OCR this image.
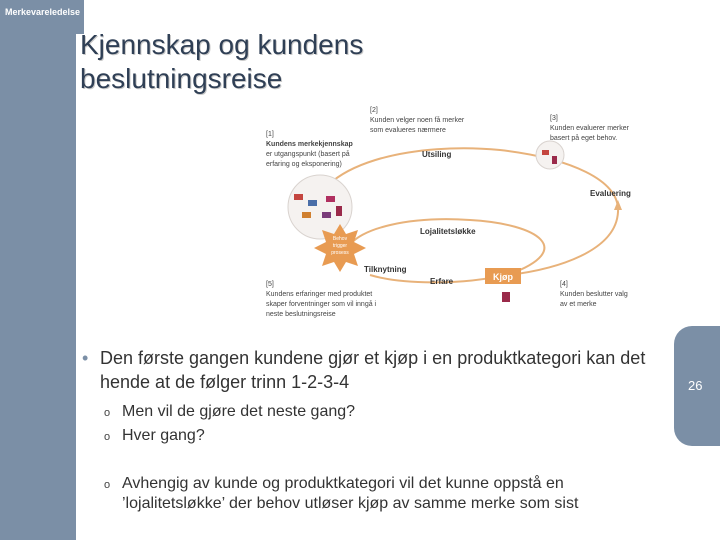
Merkevareledelse
Kjennskap og kundens
beslutningsreise
Behov
trigger
prosess
Kjøp
[1]
Kundens merkekjennskap
er utgangspunkt (basert på
erfaring og eksponering)
[2]
Kunden velger noen få merker
som evalueres nærmere
[3]
Kunden evaluerer merker
basert på eget behov.
[4]
Kunden beslutter valg
av et merke
[5]
Kundens erfaringer med produktet
skaper forventninger som vil inngå i
neste beslutningsreise
Utsiling
Evaluering
Lojalitetsløkke
Tilknytning
Erfare
26
• Den første gangen kundene gjør et kjøp i en produktkategori kan det hende at de følger trinn 1-2-3-4
o Men vil de gjøre det neste gang?
o Hver gang?
o Avhengig av kunde og produktkategori vil det kunne oppstå en ’lojalitetsløkke’ der behov utløser kjøp av samme merke som sist
